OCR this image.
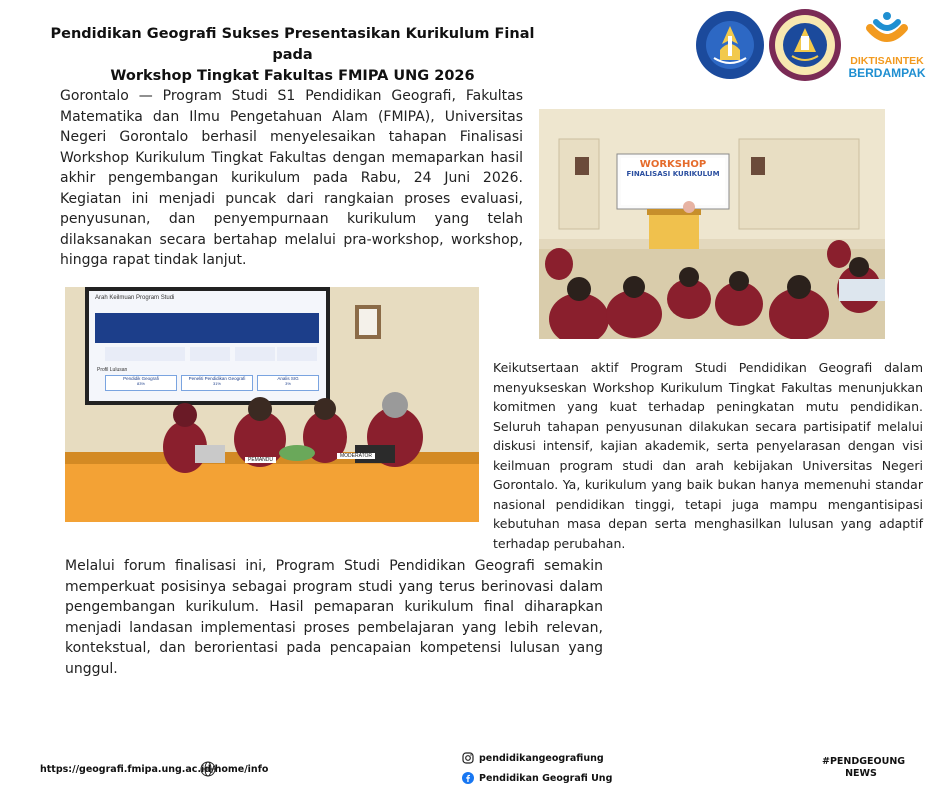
Pendidikan Geografi Sukses Presentasikan Kurikulum Final pada
Workshop Tingkat Fakultas FMIPA UNG 2026
DIKTISAINTEK
BERDAMPAK
Gorontalo — Program Studi S1 Pendidikan Geografi, Fakultas Matematika dan Ilmu Pengetahuan Alam (FMIPA), Universitas Negeri Gorontalo berhasil menyelesaikan tahapan Finalisasi Workshop Kurikulum Tingkat Fakultas dengan memaparkan hasil akhir pengembangan kurikulum pada Rabu, 24 Juni 2026. Kegiatan ini menjadi puncak dari rangkaian proses evaluasi, penyusunan, dan penyempurnaan kurikulum yang telah dilaksanakan secara bertahap melalui pra-workshop, workshop, hingga rapat tindak lanjut.
WORKSHOP
FINALISASI KURIKULUM
Arah Keilmuan Program Studi
Profil Lulusan
Pendidik Geografi
83%
Peneliti Pendidikan Geografi
31%
Analis SIG
3%
PEMANDU
MODERATOR
Keikutsertaan aktif Program Studi Pendidikan Geografi dalam menyukseskan Workshop Kurikulum Tingkat Fakultas menunjukkan komitmen yang kuat terhadap peningkatan mutu pendidikan. Seluruh tahapan penyusunan dilakukan secara partisipatif melalui diskusi intensif, kajian akademik, serta penyelarasan dengan visi keilmuan program studi dan arah kebijakan Universitas Negeri Gorontalo. Ya, kurikulum yang baik bukan hanya memenuhi standar nasional pendidikan tinggi, tetapi juga mampu mengantisipasi kebutuhan masa depan serta menghasilkan lulusan yang adaptif terhadap perubahan.
Melalui forum finalisasi ini, Program Studi Pendidikan Geografi semakin memperkuat posisinya sebagai program studi yang terus berinovasi dalam pengembangan kurikulum. Hasil pemaparan kurikulum final diharapkan menjadi landasan implementasi proses pembelajaran yang lebih relevan, kontekstual, dan berorientasi pada pencapaian kompetensi lulusan yang unggul.
https://geografi.fmipa.ung.ac.id/home/info
pendidikangeografiung
Pendidikan Geografi Ung
#PENDGEOUNG
NEWS
